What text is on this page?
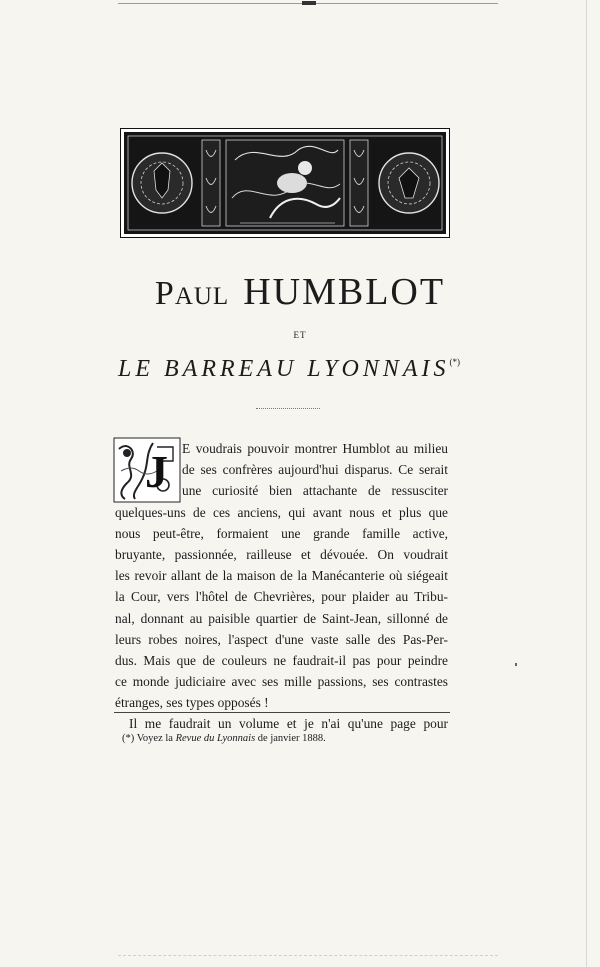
PAUL HUMBLOT
ET
LE BARREAU LYONNAIS(*)
J	E voudrais pouvoir montrer Humblot au milieu
de ses confrères aujourd'hui disparus. Ce serait
une curiosité bien attachante de ressusciter
quelques-uns de ces anciens, qui avant nous et plus que
nous peut-être, formaient une grande famille active,
bruyante, passionnée, railleuse et dévouée. On voudrait
les revoir allant de la maison de la Manécanterie où siégeait
la Cour, vers l'hôtel de Chevrières, pour plaider au Tribu-
nal, donnant au paisible quartier de Saint-Jean, sillonné de
leurs robes noires, l'aspect d'une vaste salle des Pas-Per-
dus. Mais que de couleurs ne faudrait-il pas pour peindre
ce monde judiciaire avec ses mille passions, ses contrastes
étranges, ses types opposés !
Il me faudrait un volume et je n'ai qu'une page pour
(*) Voyez la Revue du Lyonnais de janvier 1888.
